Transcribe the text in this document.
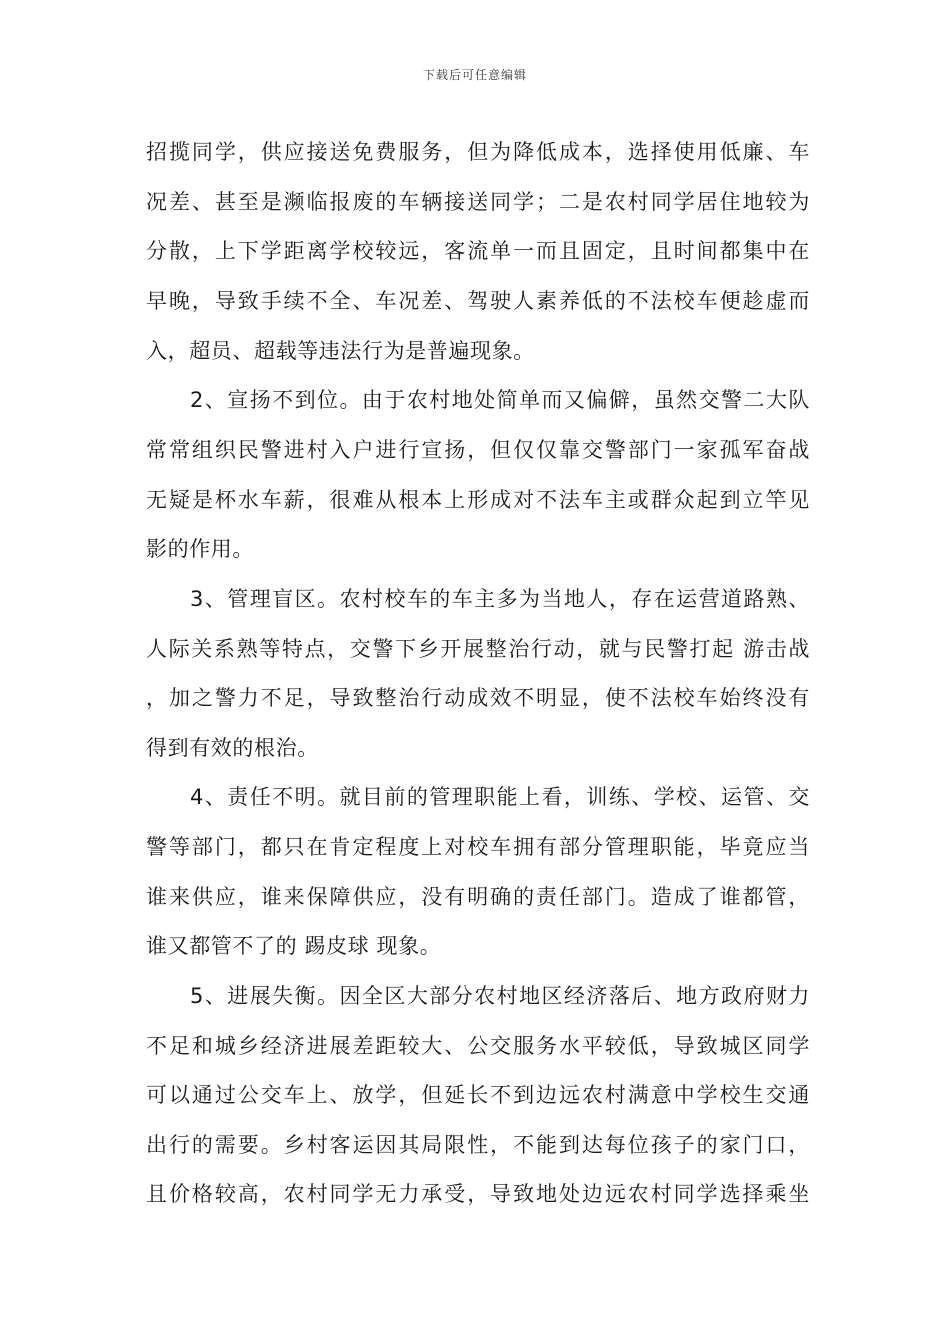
下载后可任意编辑
招揽同学，供应接送免费服务，但为降低成本，选择使用低廉、车
况差、甚至是濒临报废的车辆接送同学；二是农村同学居住地较为
分散，上下学距离学校较远，客流单一而且固定，且时间都集中在
早晚，导致手续不全、车况差、驾驶人素养低的不法校车便趁虚而
入，超员、超载等违法行为是普遍现象。
2、宣扬不到位。由于农村地处简单而又偏僻，虽然交警二大队
常常组织民警进村入户进行宣扬，但仅仅靠交警部门一家孤军奋战
无疑是杯水车薪，很难从根本上形成对不法车主或群众起到立竿见
影的作用。
3、管理盲区。农村校车的车主多为当地人，存在运营道路熟、
人际关系熟等特点，交警下乡开展整治行动，就与民警打起 游击战
，加之警力不足，导致整治行动成效不明显，使不法校车始终没有
得到有效的根治。
4、责任不明。就目前的管理职能上看，训练、学校、运管、交
警等部门，都只在肯定程度上对校车拥有部分管理职能，毕竟应当
谁来供应，谁来保障供应，没有明确的责任部门。造成了谁都管，
谁又都管不了的 踢皮球 现象。
5、进展失衡。因全区大部分农村地区经济落后、地方政府财力
不足和城乡经济进展差距较大、公交服务水平较低，导致城区同学
可以通过公交车上、放学，但延长不到边远农村满意中学校生交通
出行的需要。乡村客运因其局限性，不能到达每位孩子的家门口，
且价格较高，农村同学无力承受，导致地处边远农村同学选择乘坐
